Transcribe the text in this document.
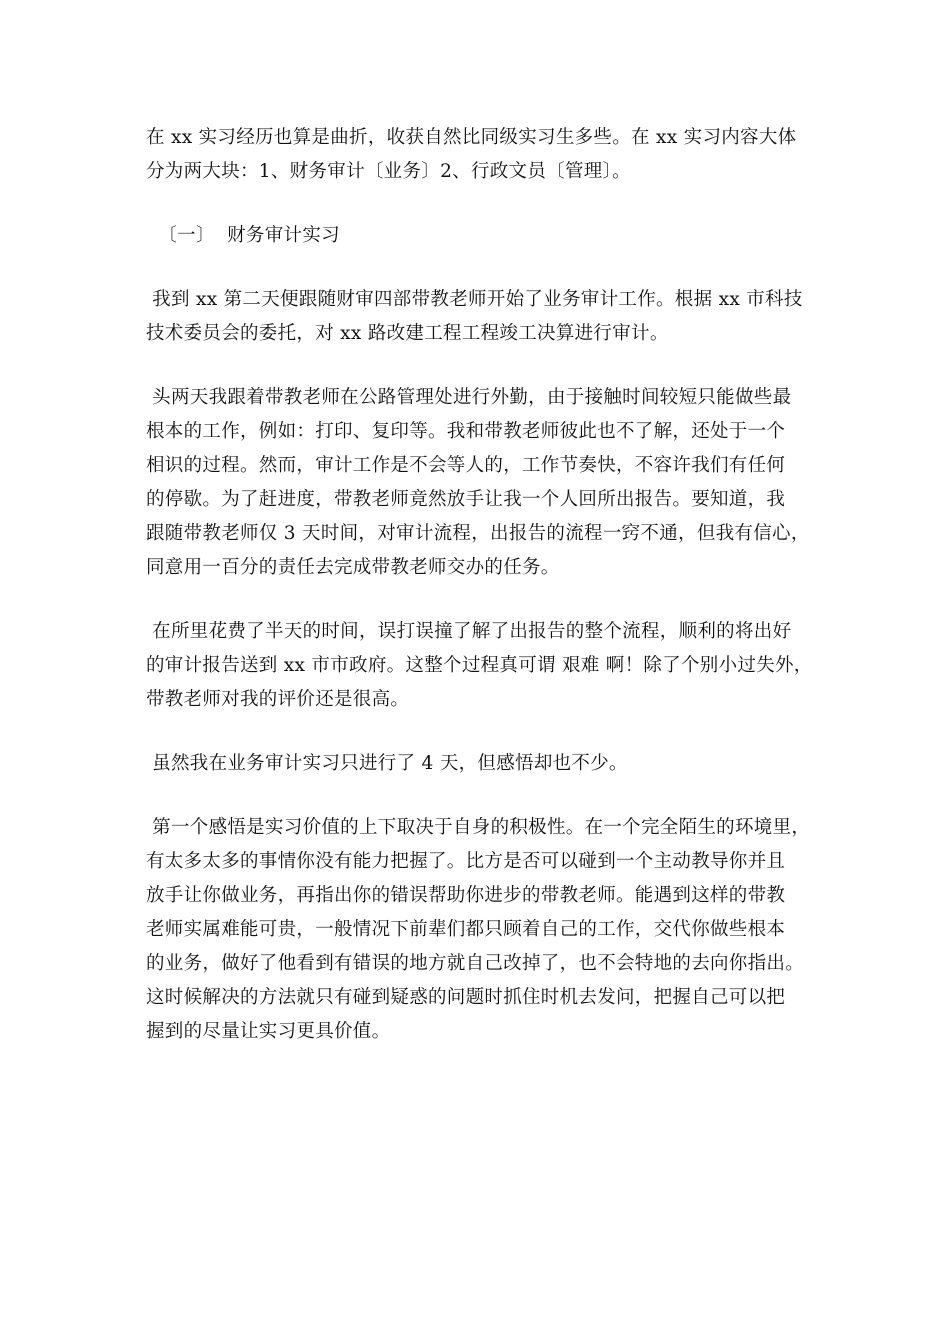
在 xx 实习经历也算是曲折，收获自然比同级实习生多些。在 xx 实习内容大体
分为两大块：1、财务审计〔业务〕2、行政文员〔管理〕。
〔一〕  财务审计实习
我到 xx 第二天便跟随财审四部带教老师开始了业务审计工作。根据 xx 市科技
技术委员会的委托，对 xx 路改建工程工程竣工决算进行审计。
头两天我跟着带教老师在公路管理处进行外勤，由于接触时间较短只能做些最
根本的工作，例如：打印、复印等。我和带教老师彼此也不了解，还处于一个
相识的过程。然而，审计工作是不会等人的，工作节奏快，不容许我们有任何
的停歇。为了赶进度，带教老师竟然放手让我一个人回所出报告。要知道，我
跟随带教老师仅 3 天时间，对审计流程，出报告的流程一窍不通，但我有信心，
同意用一百分的责任去完成带教老师交办的任务。
在所里花费了半天的时间，误打误撞了解了出报告的整个流程，顺利的将出好
的审计报告送到 xx 市市政府。这整个过程真可谓 艰难 啊！除了个别小过失外，
带教老师对我的评价还是很高。
虽然我在业务审计实习只进行了 4 天，但感悟却也不少。
第一个感悟是实习价值的上下取决于自身的积极性。在一个完全陌生的环境里，
有太多太多的事情你没有能力把握了。比方是否可以碰到一个主动教导你并且
放手让你做业务，再指出你的错误帮助你进步的带教老师。能遇到这样的带教
老师实属难能可贵，一般情况下前辈们都只顾着自己的工作，交代你做些根本
的业务，做好了他看到有错误的地方就自己改掉了，也不会特地的去向你指出。
这时候解决的方法就只有碰到疑惑的问题时抓住时机去发问，把握自己可以把
握到的尽量让实习更具价值。
